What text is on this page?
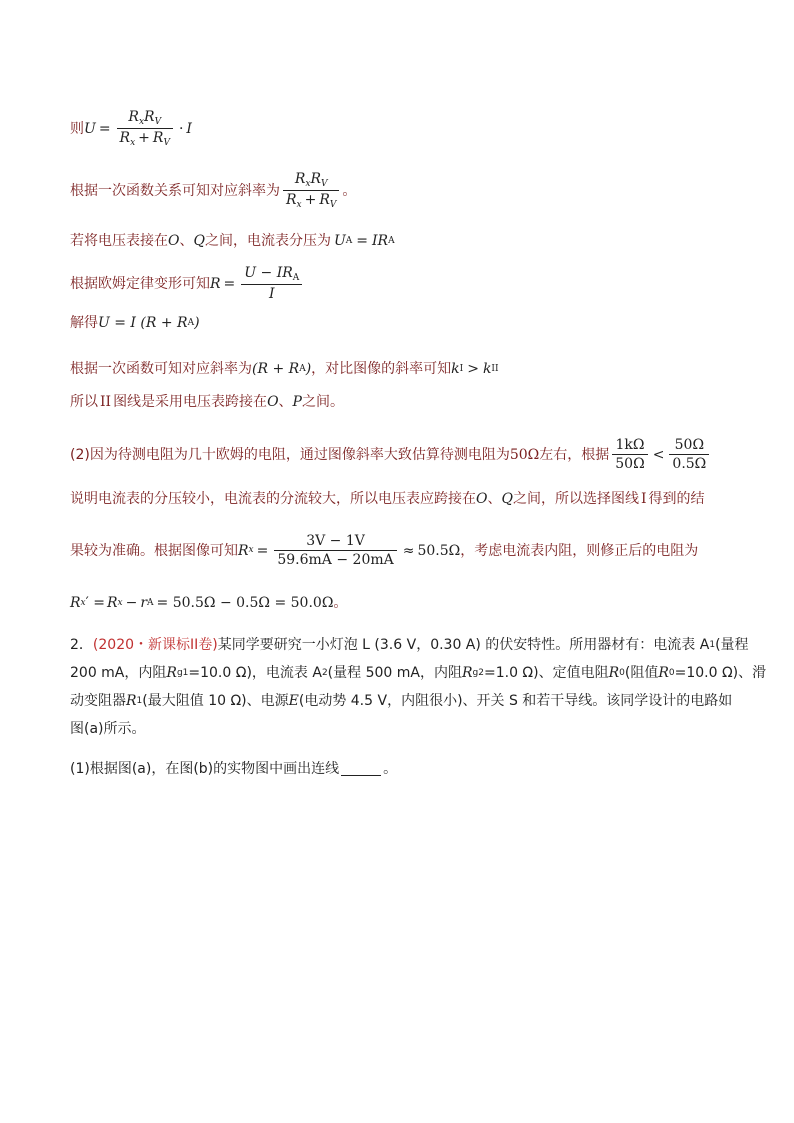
则 $U = \frac{R_xR_V}{R_x + R_V} \cdot I$
根据一次函数关系可知对应斜率为 $\frac{R_xR_V}{R_x + R_V}$ 。
若将电压表接在 O 、 Q 之间，电流表分压为 U A = I R A
根据欧姆定律变形可知 $R = \frac{U - IR_A}{I}$
解得 U = I (R + R A )
根据一次函数可知对应斜率为 (R + R A ) ，对比图像的斜率可知 k I > k II
所以 II 图线是采用电压表跨接在 O 、 P 之间。
(2)因为待测电阻为几十欧姆的电阻，通过图像斜率大致估算待测电阻为 50Ω 左右，根据 $\frac{1k\Omega}{50\Omega} < \frac{50\Omega}{0.5\Omega}$
说明电流表的分压较小，电流表的分流较大，所以电压表应跨接在 O 、 Q 之间，所以选择图线 I 得到的结
果较为准确。根据图像可知 R $x = \frac{3V - 1V}{59.6mA - 20mA} \approx 50.5\Omega$ ，考虑电流表内阻，则修正后的电阻为
R x ′ = R x − r A = 50.5Ω − 0.5Ω = 50.0Ω 。
2． (2020・新课标II卷) 某同学要研究一小灯泡 L (3.6 V，0.30 A) 的伏安特性。所用器材有：电流表 A 1 (量程
200 mA，内阻 R g1 =10.0 Ω)，电流表 A 2 (量程 500 mA，内阻 R g2 =1.0 Ω)、定值电阻 R 0 (阻值 R 0 =10.0 Ω)、滑
动变阻器 R 1 (最大阻值 10 Ω)、电源 E (电动势 4.5 V，内阻很小)、开关 S 和若干导线。该同学设计的电路如
图(a)所示。
(1)根据图(a)，在图(b)的实物图中画出连线	。
